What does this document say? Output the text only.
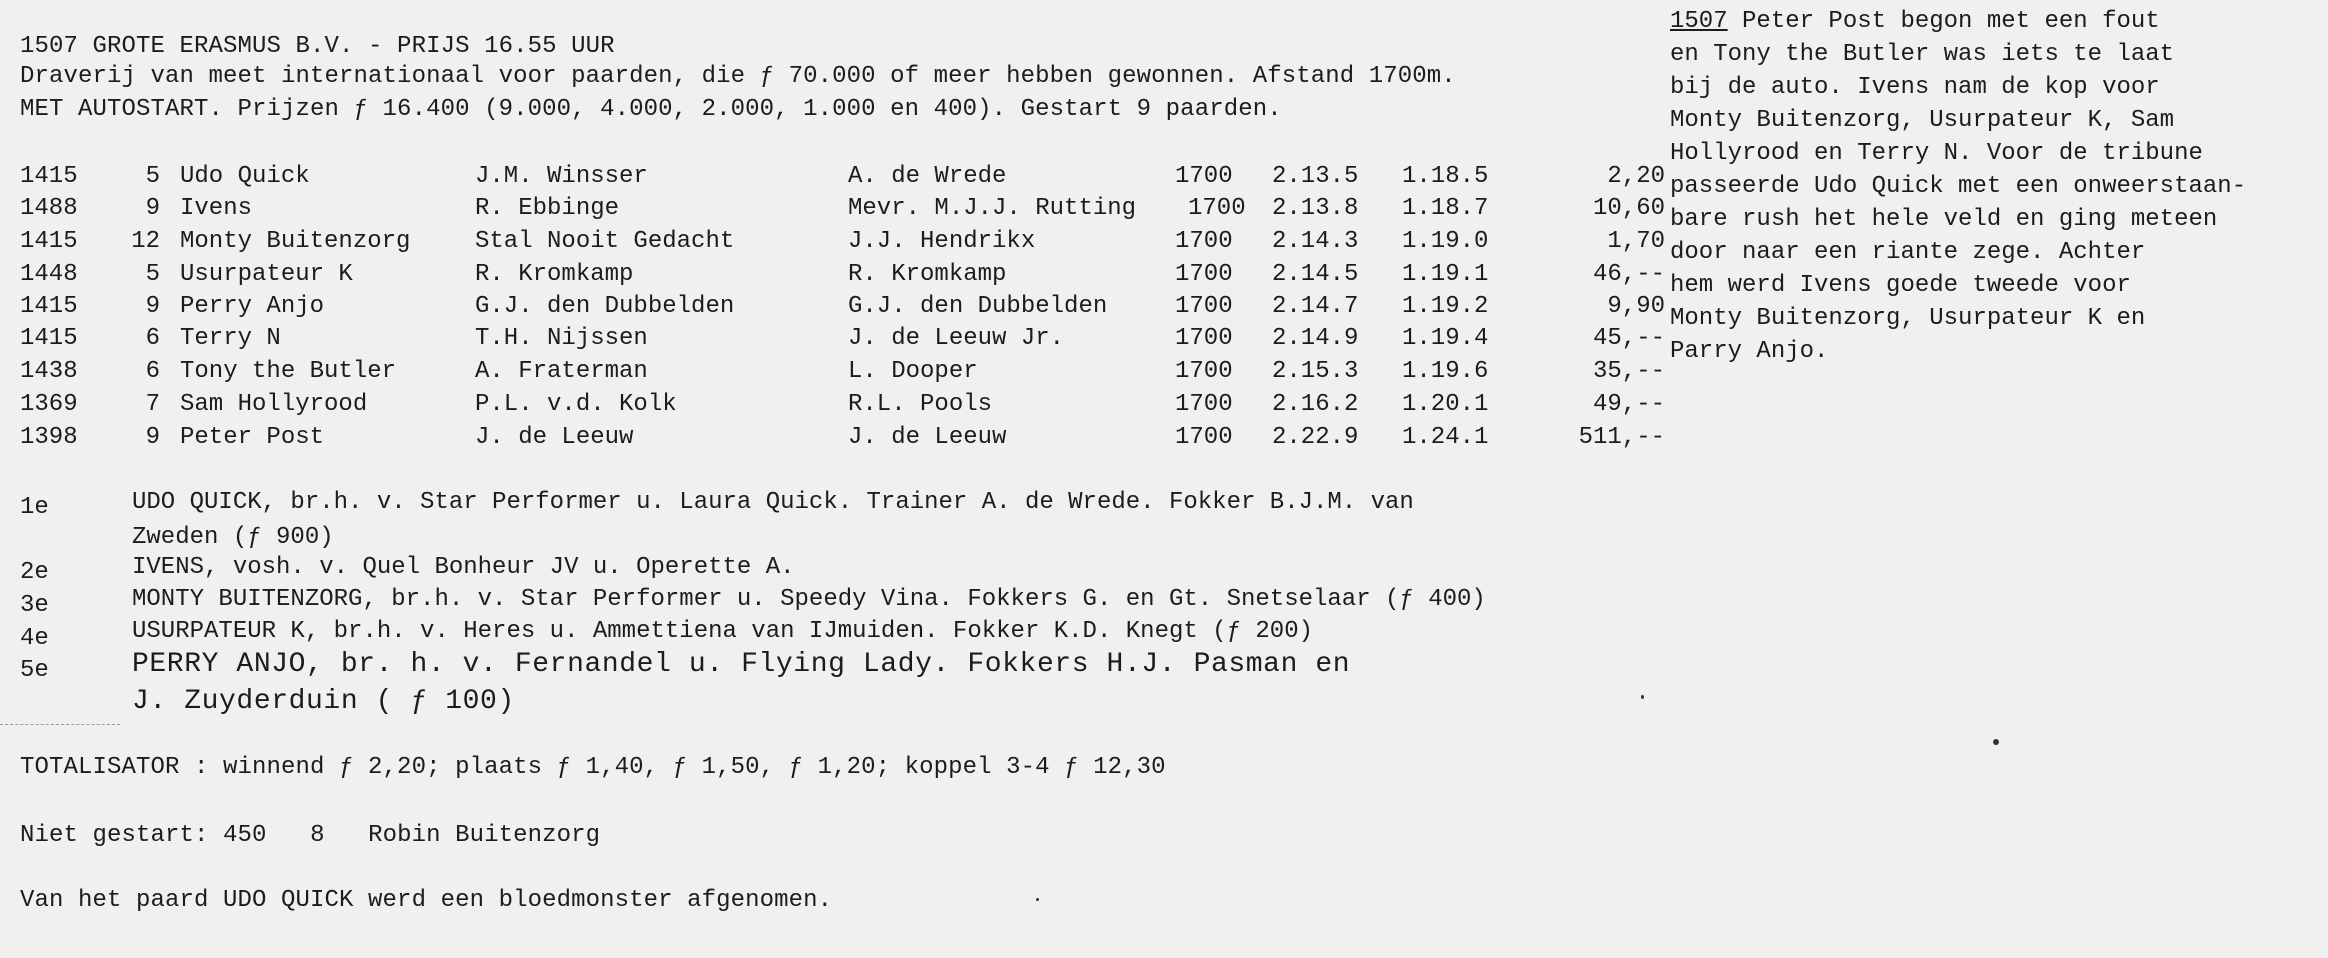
1507 GROTE ERASMUS B.V. - PRIJS 16.55 UUR
Draverij van meet internationaal voor paarden, die ƒ 70.000 of meer hebben gewonnen. Afstand 1700m.
MET AUTOSTART. Prijzen ƒ 16.400 (9.000, 4.000, 2.000, 1.000 en 400). Gestart 9 paarden.
1415	5 Udo Quick	J.M. Winsser	A. de Wrede	1700 2.13.5 1.18.5	2,20
1488	9 Ivens	R. Ebbinge	Mevr. M.J.J. Rutting 1700 2.13.8 1.18.7	10,60
1415	12 Monty Buitenzorg	Stal Nooit Gedacht	J.J. Hendrikx	1700 2.14.3 1.19.0	1,70
1448	5 Usurpateur K	R. Kromkamp	R. Kromkamp	1700 2.14.5 1.19.1	46,--
1415	9 Perry Anjo	G.J. den Dubbelden	G.J. den Dubbelden	1700 2.14.7 1.19.2	9,90
1415	6 Terry N	T.H. Nijssen	J. de Leeuw Jr.	1700 2.14.9 1.19.4	45,--
1438	6 Tony the Butler	A. Fraterman	L. Dooper	1700 2.15.3 1.19.6	35,--
1369	7 Sam Hollyrood	P.L. v.d. Kolk	R.L. Pools	1700 2.16.2 1.20.1	49,--
1398	9 Peter Post	J. de Leeuw	J. de Leeuw	1700 2.22.9 1.24.1	511,--
1e	UDO QUICK, br.h. v. Star Performer u. Laura Quick. Trainer A. de Wrede. Fokker B.J.M. van
Zweden (ƒ 900)
2e	IVENS, vosh. v. Quel Bonheur JV u. Operette A.
3e	MONTY BUITENZORG, br.h. v. Star Performer u. Speedy Vina. Fokkers G. en Gt. Snetselaar (ƒ 400)
4e	USURPATEUR K, br.h. v. Heres u. Ammettiena van IJmuiden. Fokker K.D. Knegt (ƒ 200)
5e	PERRY ANJO, br. h. v. Fernandel u. Flying Lady. Fokkers H.J. Pasman en
J. Zuyderduin ( ƒ 100)
TOTALISATOR : winnend ƒ 2,20; plaats ƒ 1,40, ƒ 1,50, ƒ 1,20; koppel 3-4 ƒ 12,30
Niet gestart: 450 8 Robin Buitenzorg
Van het paard UDO QUICK werd een bloedmonster afgenomen.
1507 Peter Post begon met een fout
en Tony the Butler was iets te laat
bij de auto. Ivens nam de kop voor
Monty Buitenzorg, Usurpateur K, Sam
Hollyrood en Terry N. Voor de tribune
passeerde Udo Quick met een onweerstaan-
bare rush het hele veld en ging meteen
door naar een riante zege. Achter
hem werd Ivens goede tweede voor
Monty Buitenzorg, Usurpateur K en
Parry Anjo.
